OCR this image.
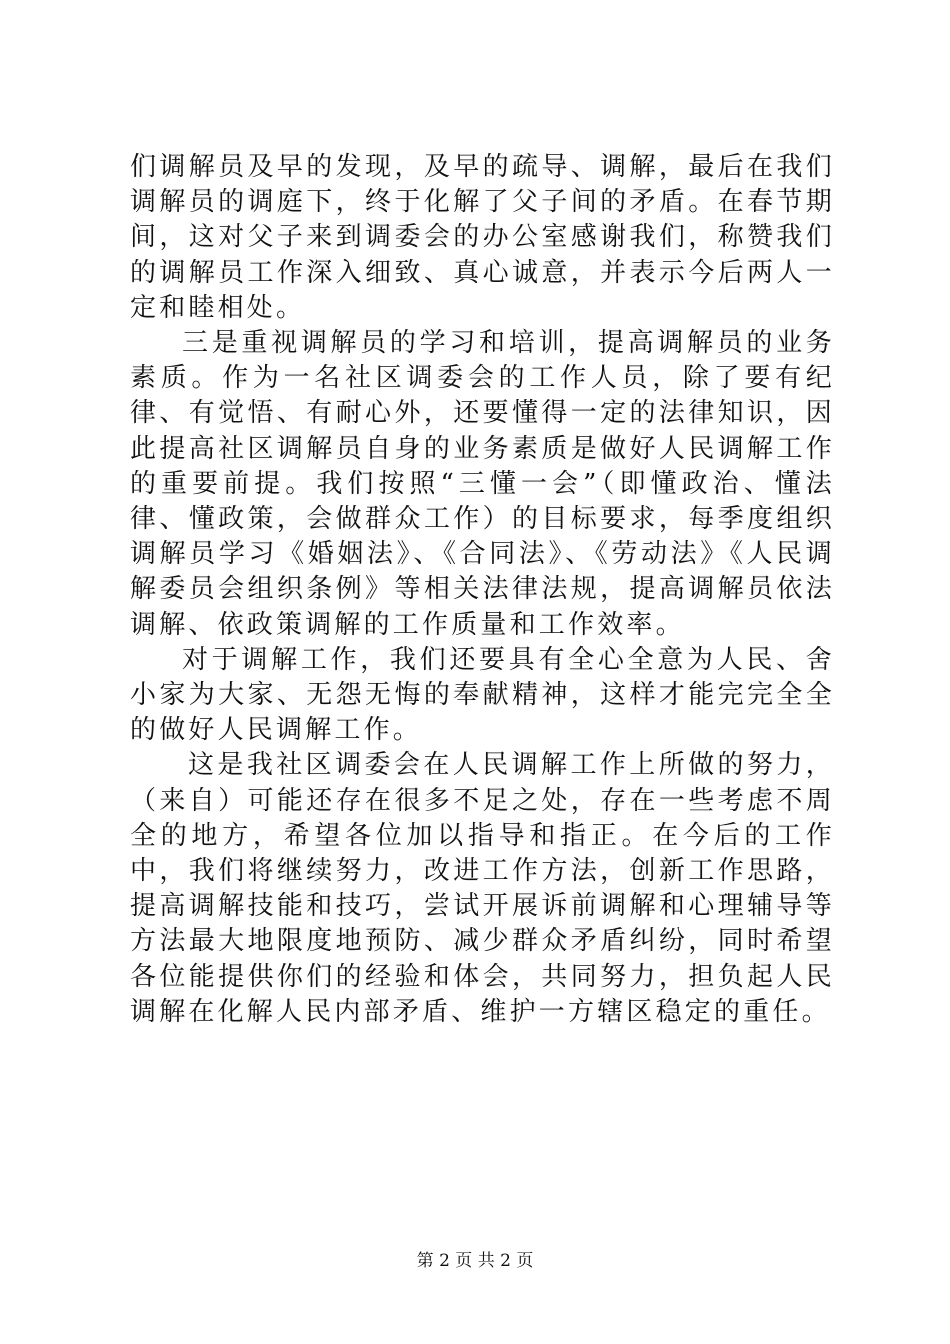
们调解员及早的发现，及早的疏导、调解，最后在我们调解员的调庭下，终于化解了父子间的矛盾。在春节期间，这对父子来到调委会的办公室感谢我们，称赞我们的调解员工作深入细致、真心诚意，并表示今后两人一定和睦相处。

三是重视调解员的学习和培训，提高调解员的业务素质。作为一名社区调委会的工作人员，除了要有纪律、有觉悟、有耐心外，还要懂得一定的法律知识，因此提高社区调解员自身的业务素质是做好人民调解工作的重要前提。我们按照“三懂一会”（即懂政治、懂法律、懂政策，会做群众工作）的目标要求，每季度组织调解员学习《婚姻法》、《合同法》、《劳动法》《人民调解委员会组织条例》等相关法律法规，提高调解员依法调解、依政策调解的工作质量和工作效率。

对于调解工作，我们还要具有全心全意为人民、舍小家为大家、无怨无悔的奉献精神，这样才能完完全全的做好人民调解工作。

这是我社区调委会在人民调解工作上所做的努力，（来自）可能还存在很多不足之处，存在一些考虑不周全的地方，希望各位加以指导和指正。在今后的工作中，我们将继续努力，改进工作方法，创新工作思路，提高调解技能和技巧，尝试开展诉前调解和心理辅导等方法最大地限度地预防、减少群众矛盾纠纷，同时希望各位能提供你们的经验和体会，共同努力，担负起人民调解在化解人民内部矛盾、维护一方辖区稳定的重任。

第 2 页 共 2 页
